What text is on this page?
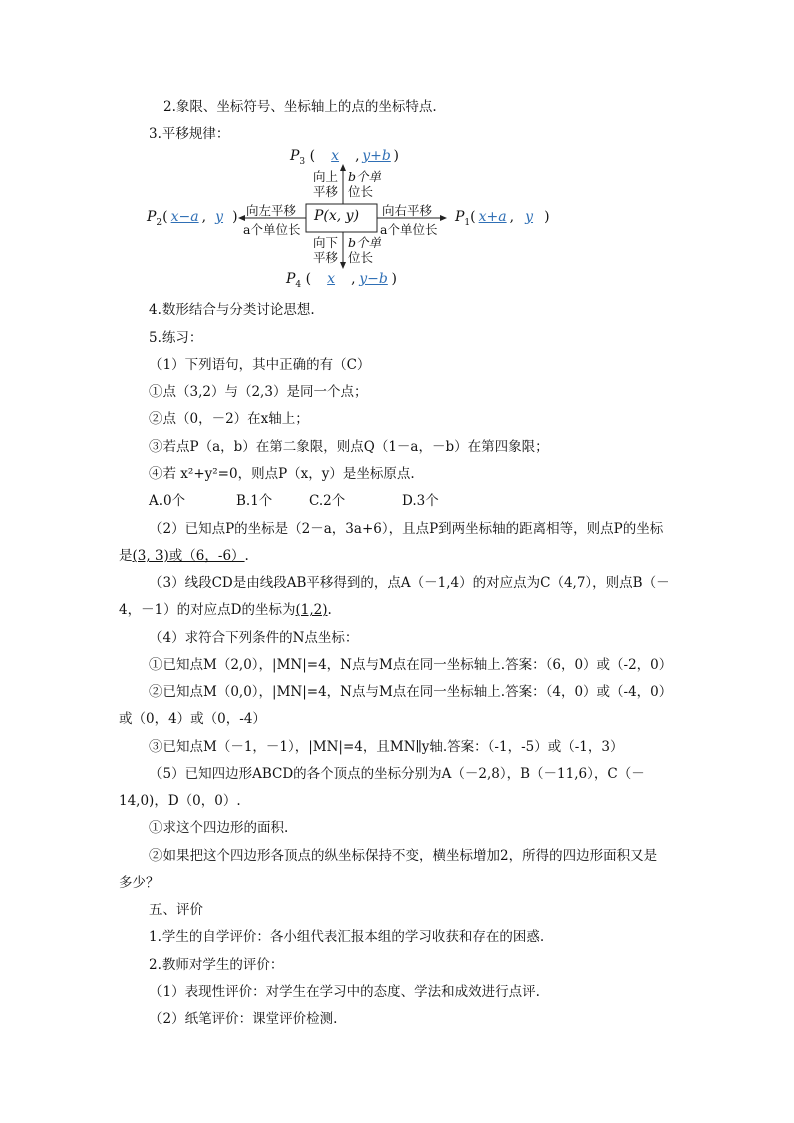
2.象限、坐标符号、坐标轴上的点的坐标特点.
3.平移规律：
$P_3$ ( x , y+b )
向上
平移
b个单
位长
P(x, y)
向左平移
a个单位长
向右平移
a个单位长
$P_2$( x−a , y )	$P_1$( x+a , y )
向下
平移
b个单
位长
$P_4$ ( x , y−b )
4.数形结合与分类讨论思想.
5.练习：
（1）下列语句，其中正确的有（C）
①点（3,2）与（2,3）是同一个点；
②点（0，－2）在x轴上；
③若点P（a，b）在第二象限，则点Q（1－a，－b）在第四象限；
④若 x²+y²=0，则点P（x，y）是坐标原点.
A.0个	B.1个	C.2个	D.3个
（2）已知点P的坐标是（2－a，3a+6），且点P到两坐标轴的距离相等，则点P的坐标
是(3, 3)或（6，-6）.
（3）线段CD是由线段AB平移得到的，点A（－1,4）的对应点为C（4,7），则点B（－
4，－1）的对应点D的坐标为(1,2).
（4）求符合下列条件的N点坐标：
①已知点M（2,0），|MN|=4，N点与M点在同一坐标轴上.答案：（6，0）或（-2，0）
②已知点M（0,0），|MN|=4，N点与M点在同一坐标轴上.答案：（4，0）或（-4，0）
或（0，4）或（0，-4）
③已知点M（－1，－1），|MN|=4，且MN∥y轴.答案：（-1，-5）或（-1，3）
（5）已知四边形ABCD的各个顶点的坐标分别为A（－2,8），B（－11,6），C（－
14,0)，D（0，0）.
①求这个四边形的面积.
②如果把这个四边形各顶点的纵坐标保持不变，横坐标增加2，所得的四边形面积又是
多少？
五、评价
1.学生的自学评价：各小组代表汇报本组的学习收获和存在的困惑.
2.教师对学生的评价：
（1）表现性评价：对学生在学习中的态度、学法和成效进行点评.
（2）纸笔评价：课堂评价检测.
